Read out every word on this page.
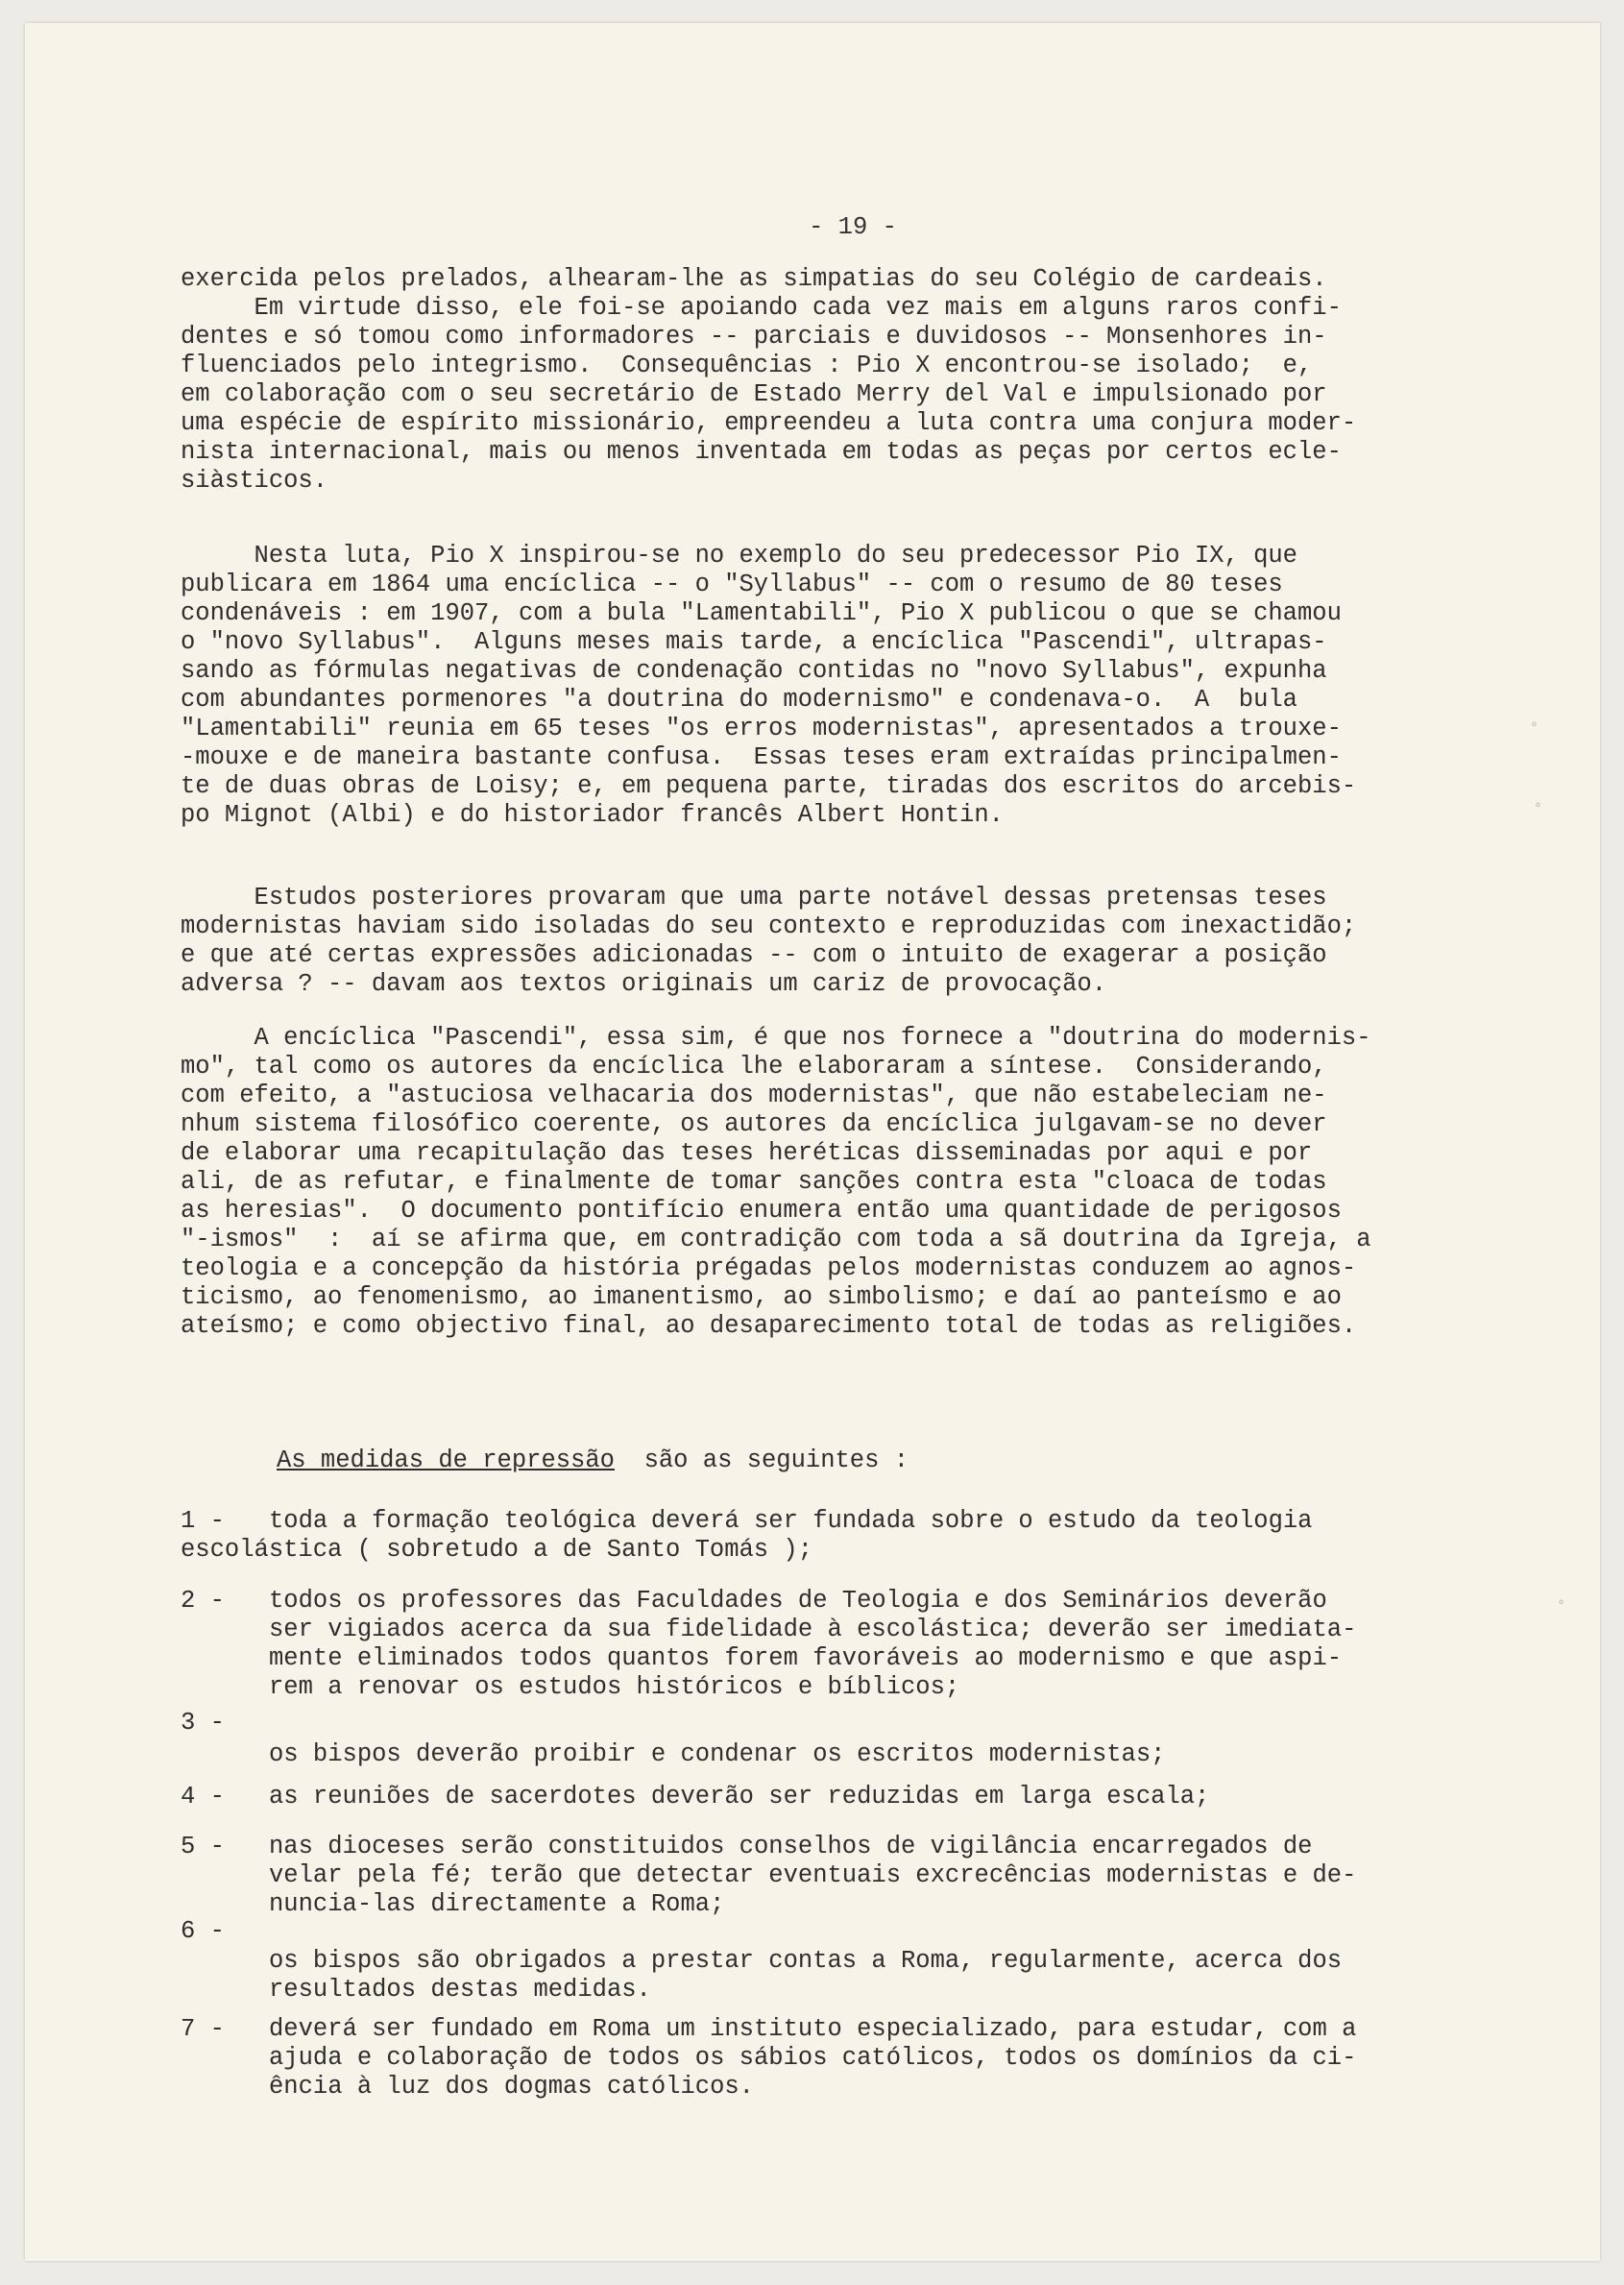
- 19 -
exercida pelos prelados, alhearam-lhe as simpatias do seu Colégio de cardeais.
Em virtude disso, ele foi-se apoiando cada vez mais em alguns raros confi-
dentes e só tomou como informadores -- parciais e duvidosos -- Monsenhores in-
fluenciados pelo integrismo.  Consequências : Pio X encontrou-se isolado;  e,
em colaboração com o seu secretário de Estado Merry del Val e impulsionado por
uma espécie de espírito missionário, empreendeu a luta contra uma conjura moder-
nista internacional, mais ou menos inventada em todas as peças por certos ecle-
siàsticos.
Nesta luta, Pio X inspirou-se no exemplo do seu predecessor Pio IX, que
publicara em 1864 uma encíclica -- o "Syllabus" -- com o resumo de 80 teses
condenáveis : em 1907, com a bula "Lamentabili", Pio X publicou o que se chamou
o "novo Syllabus".  Alguns meses mais tarde, a encíclica "Pascendi", ultrapas-
sando as fórmulas negativas de condenação contidas no "novo Syllabus", expunha
com abundantes pormenores "a doutrina do modernismo" e condenava-o.  A  bula
"Lamentabili" reunia em 65 teses "os erros modernistas", apresentados a trouxe-
-mouxe e de maneira bastante confusa.  Essas teses eram extraídas principalmen-
te de duas obras de Loisy; e, em pequena parte, tiradas dos escritos do arcebis-
po Mignot (Albi) e do historiador francês Albert Hontin.
Estudos posteriores provaram que uma parte notável dessas pretensas teses
modernistas haviam sido isoladas do seu contexto e reproduzidas com inexactidão;
e que até certas expressões adicionadas -- com o intuito de exagerar a posição
adversa ? -- davam aos textos originais um cariz de provocação.
A encíclica "Pascendi", essa sim, é que nos fornece a "doutrina do modernis-
mo", tal como os autores da encíclica lhe elaboraram a síntese.  Considerando,
com efeito, a "astuciosa velhacaria dos modernistas", que não estabeleciam ne-
nhum sistema filosófico coerente, os autores da encíclica julgavam-se no dever
de elaborar uma recapitulação das teses heréticas disseminadas por aqui e por
ali, de as refutar, e finalmente de tomar sanções contra esta "cloaca de todas
as heresias".  O documento pontifício enumera então uma quantidade de perigosos
"-ismos"  :  aí se afirma que, em contradição com toda a sã doutrina da Igreja, a
teologia e a concepção da história prégadas pelos modernistas conduzem ao agnos-
ticismo, ao fenomenismo, ao imanentismo, ao simbolismo; e daí ao panteísmo e ao
ateísmo; e como objectivo final, ao desaparecimento total de todas as religiões.
As medidas de repressão  são as seguintes :
1 - toda a formação teológica deverá ser fundada sobre o estudo da teologia
escolástica ( sobretudo a de Santo Tomás );
2 - todos os professores das Faculdades de Teologia e dos Seminários deverão
ser vigiados acerca da sua fidelidade à escolástica; deverão ser imediata-
mente eliminados todos quantos forem favoráveis ao modernismo e que aspi-
rem a renovar os estudos históricos e bíblicos;
3 -
os bispos deverão proibir e condenar os escritos modernistas;
4 - as reuniões de sacerdotes deverão ser reduzidas em larga escala;
5 - nas dioceses serão constituidos conselhos de vigilância encarregados de
velar pela fé; terão que detectar eventuais excrecências modernistas e de-
nuncia-las directamente a Roma;
6 -
os bispos são obrigados a prestar contas a Roma, regularmente, acerca dos
resultados destas medidas.
7 - deverá ser fundado em Roma um instituto especializado, para estudar, com a
ajuda e colaboração de todos os sábios católicos, todos os domínios da ci-
ência à luz dos dogmas católicos.
°
°
°
